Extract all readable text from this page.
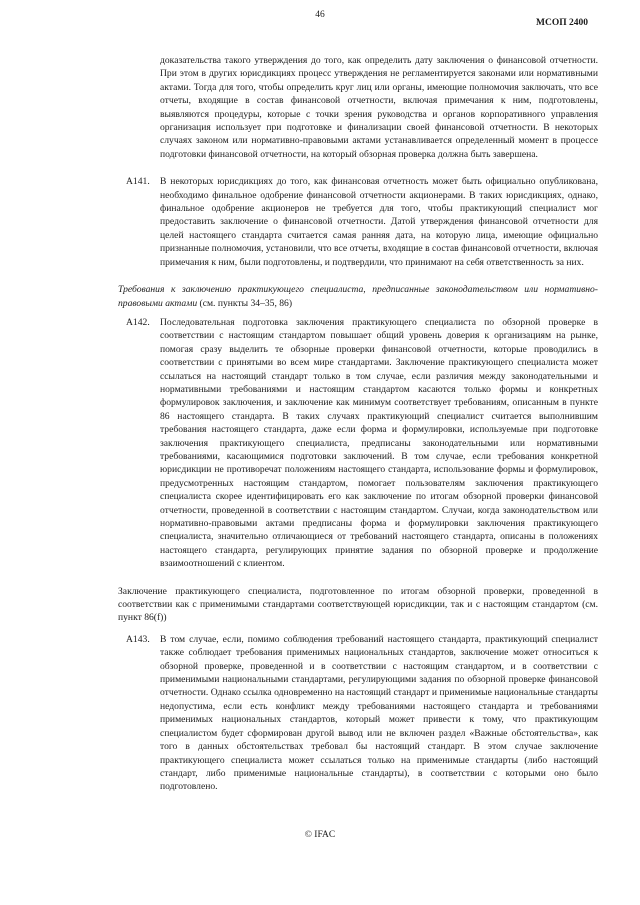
46
МСОП 2400

доказательства такого утверждения до того, как определить дату заключения о финансовой отчетности. При этом в других юрисдикциях процесс утверждения не регламентируется законами или нормативными актами. Тогда для того, чтобы определить круг лиц или органы, имеющие полномочия заключать, что все отчеты, входящие в состав финансовой отчетности, включая примечания к ним, подготовлены, выявляются процедуры, которые с точки зрения руководства и органов корпоративного управления организация использует при подготовке и финализации своей финансовой отчетности. В некоторых случаях законом или нормативно-правовыми актами устанавливается определенный момент в процессе подготовки финансовой отчетности, на который обзорная проверка должна быть завершена.

A141. В некоторых юрисдикциях до того, как финансовая отчетность может быть официально опубликована, необходимо финальное одобрение финансовой отчетности акционерами. В таких юрисдикциях, однако, финальное одобрение акционеров не требуется для того, чтобы практикующий специалист мог предоставить заключение о финансовой отчетности. Датой утверждения финансовой отчетности для целей настоящего стандарта считается самая ранняя дата, на которую лица, имеющие официально признанные полномочия, установили, что все отчеты, входящие в состав финансовой отчетности, включая примечания к ним, были подготовлены, и подтвердили, что принимают на себя ответственность за них.

Требования к заключению практикующего специалиста, предписанные законодательством или нормативно-правовыми актами (см. пункты 34–35, 86)

A142. Последовательная подготовка заключения практикующего специалиста по обзорной проверке в соответствии с настоящим стандартом повышает общий уровень доверия к организациям на рынке, помогая сразу выделить те обзорные проверки финансовой отчетности, которые проводились в соответствии с принятыми во всем мире стандартами. Заключение практикующего специалиста может ссылаться на настоящий стандарт только в том случае, если различия между законодательными и нормативными требованиями и настоящим стандартом касаются только формы и конкретных формулировок заключения, и заключение как минимум соответствует требованиям, описанным в пункте 86 настоящего стандарта. В таких случаях практикующий специалист считается выполнившим требования настоящего стандарта, даже если форма и формулировки, используемые при подготовке заключения практикующего специалиста, предписаны законодательными или нормативными требованиями, касающимися подготовки заключений. В том случае, если требования конкретной юрисдикции не противоречат положениям настоящего стандарта, использование формы и формулировок, предусмотренных настоящим стандартом, помогает пользователям заключения практикующего специалиста скорее идентифицировать его как заключение по итогам обзорной проверки финансовой отчетности, проведенной в соответствии с настоящим стандартом. Случаи, когда законодательством или нормативно-правовыми актами предписаны форма и формулировки заключения практикующего специалиста, значительно отличающиеся от требований настоящего стандарта, описаны в положениях настоящего стандарта, регулирующих принятие задания по обзорной проверке и продолжение взаимоотношений с клиентом.

Заключение практикующего специалиста, подготовленное по итогам обзорной проверки, проведенной в соответствии как с применимыми стандартами соответствующей юрисдикции, так и с настоящим стандартом (см. пункт 86(f))

A143. В том случае, если, помимо соблюдения требований настоящего стандарта, практикующий специалист также соблюдает требования применимых национальных стандартов, заключение может относиться к обзорной проверке, проведенной и в соответствии с настоящим стандартом, и в соответствии с применимыми национальными стандартами, регулирующими задания по обзорной проверке финансовой отчетности. Однако ссылка одновременно на настоящий стандарт и применимые национальные стандарты недопустима, если есть конфликт между требованиями настоящего стандарта и требованиями применимых национальных стандартов, который может привести к тому, что практикующим специалистом будет сформирован другой вывод или не включен раздел «Важные обстоятельства», как того в данных обстоятельствах требовал бы настоящий стандарт. В этом случае заключение практикующего специалиста может ссылаться только на применимые стандарты (либо настоящий стандарт, либо применимые национальные стандарты), в соответствии с которыми оно было подготовлено.
© IFAC
